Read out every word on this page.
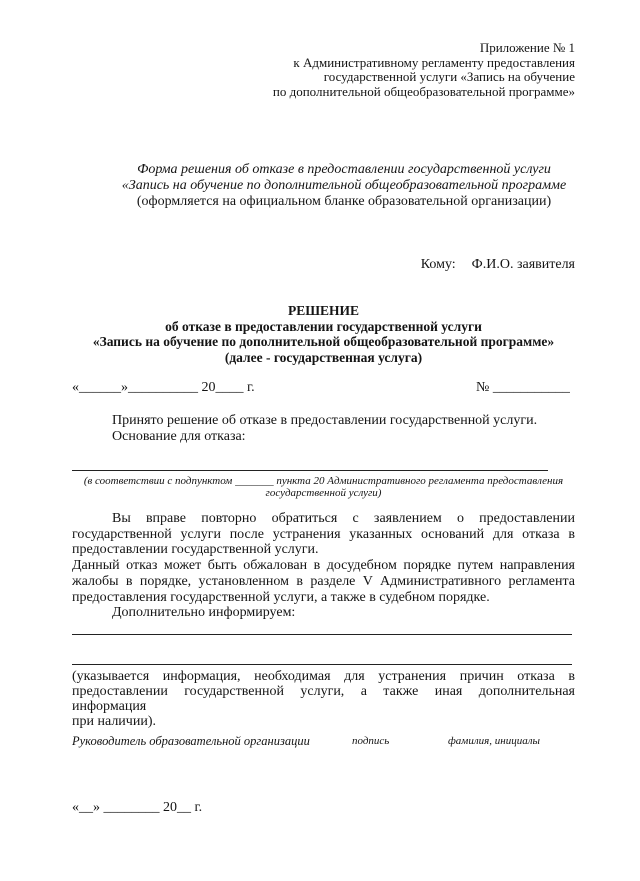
Приложение № 1
к Административному регламенту предоставления
государственной услуги «Запись на обучение
по дополнительной общеобразовательной программе»
Форма решения об отказе в предоставлении государственной услуги
«Запись на обучение по дополнительной общеобразовательной программе
(оформляется на официальном бланке образовательной организации)
Кому: Ф.И.О. заявителя
РЕШЕНИЕ
об отказе в предоставлении государственной услуги
«Запись на обучение по дополнительной общеобразовательной программе»
(далее - государственная услуга)
«______»__________ 20____ г.	№ ___________
Принято решение об отказе в предоставлении государственной услуги.
Основание для отказа:
(в соответствии с подпунктом _______ пункта 20 Административного регламента предоставления
государственной услуги)
Вы вправе повторно обратиться с заявлением о предоставлении
государственной услуги после устранения указанных оснований для отказа в
предоставлении государственной услуги.
Данный отказ может быть обжалован в досудебном порядке путем направления
жалобы в порядке, установленном в разделе V Административного регламента
предоставления государственной услуги, а также в судебном порядке.
Дополнительно информируем:
(указывается информация, необходимая для устранения причин отказа в
предоставлении государственной услуги, а также иная дополнительная информация
при наличии).
Руководитель образовательной организации	подпись	фамилия, инициалы
«__» ________ 20__ г.
